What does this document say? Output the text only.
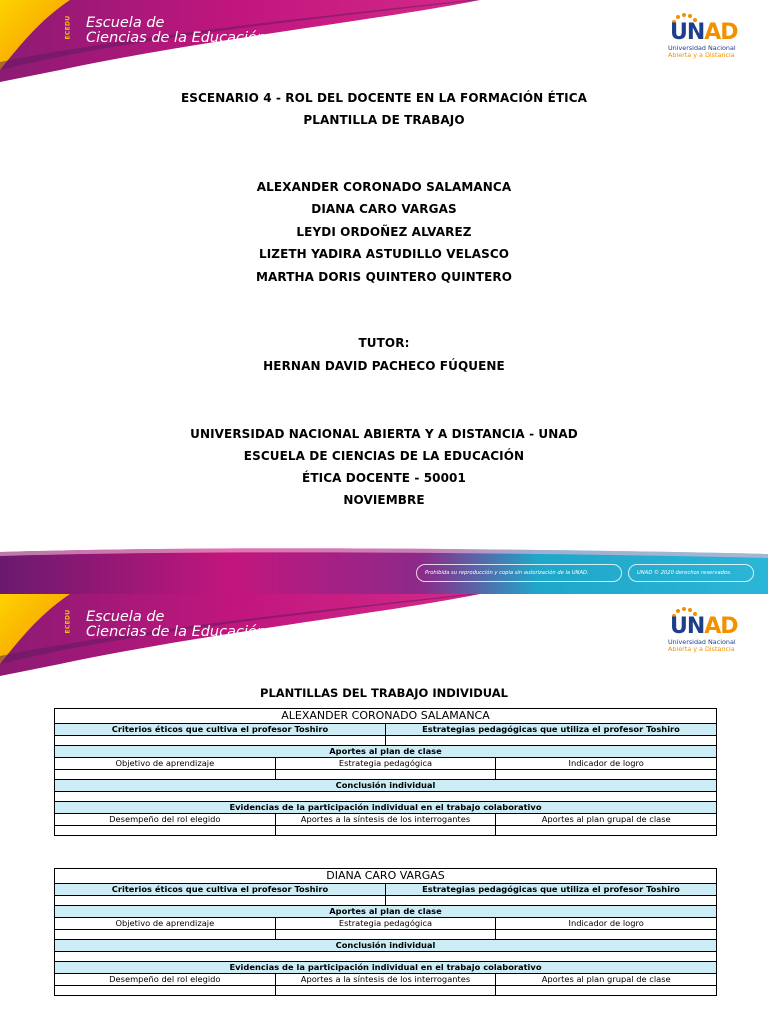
ECEDU Escuela de
Ciencias de la Educación	UNAD
Universidad Nacional
Abierta y a Distancia
ESCENARIO 4 - ROL DEL DOCENTE EN LA FORMACIÓN ÉTICA
PLANTILLA DE TRABAJO
ALEXANDER CORONADO SALAMANCA
DIANA CARO VARGAS
LEYDI ORDOÑEZ ALVAREZ
LIZETH YADIRA ASTUDILLO VELASCO
MARTHA DORIS QUINTERO QUINTERO
TUTOR:
HERNAN DAVID PACHECO FÚQUENE
UNIVERSIDAD NACIONAL ABIERTA Y A DISTANCIA - UNAD
ESCUELA DE CIENCIAS DE LA EDUCACIÓN
ÉTICA DOCENTE - 50001
NOVIEMBRE
Prohibida su reproducción y copia sin autorización de la UNAD.	UNAD © 2020 derechos reservados.
ECEDU Escuela de
Ciencias de la Educación	UNAD
Universidad Nacional
Abierta y a Distancia
PLANTILLAS DEL TRABAJO INDIVIDUAL
ALEXANDER CORONADO SALAMANCA
Criterios éticos que cultiva el profesor Toshiro	Estrategias pedagógicas que utiliza el profesor Toshiro
Aportes al plan de clase
Objetivo de aprendizaje	Estrategia pedagógica	Indicador de logro
Conclusión individual
Evidencias de la participación individual en el trabajo colaborativo
Desempeño del rol elegido	Aportes a la síntesis de los interrogantes	Aportes al plan grupal de clase
DIANA CARO VARGAS
Criterios éticos que cultiva el profesor Toshiro	Estrategias pedagógicas que utiliza el profesor Toshiro
Aportes al plan de clase
Objetivo de aprendizaje	Estrategia pedagógica	Indicador de logro
Conclusión individual
Evidencias de la participación individual en el trabajo colaborativo
Desempeño del rol elegido	Aportes a la síntesis de los interrogantes	Aportes al plan grupal de clase
